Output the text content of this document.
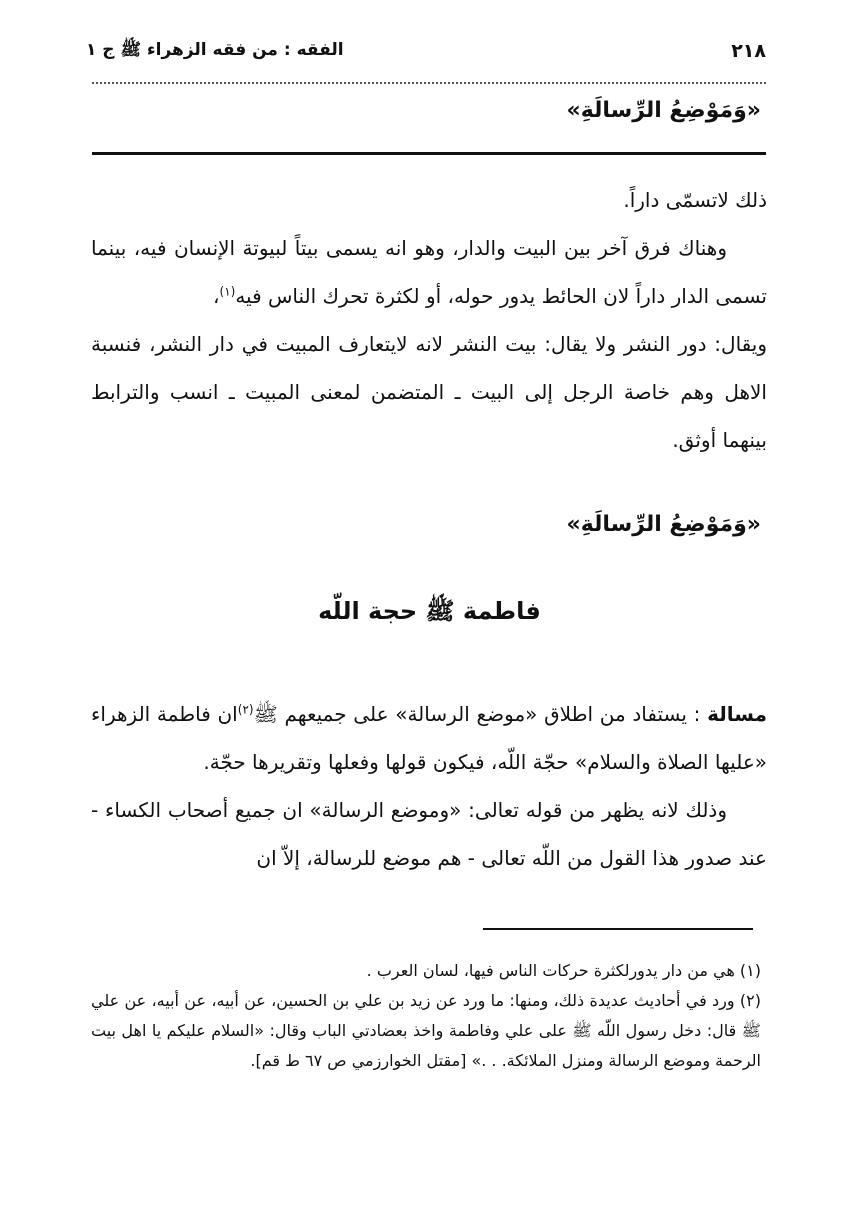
٢١٨
الفقه : من فقه الزهراء ﷺ ج ١
«وَمَوْضِعُ الرِّسالَةِ»

ذلك لاتسمّى داراً.

وهناك فرق آخر بين البيت والدار، وهو انه يسمى بيتاً لبيوتة الإنسان فيه، بينما تسمى الدار داراً لان الحائط يدور حوله، أو لكثرة تحرك الناس فيه$^{(١)}$،

ويقال: دور النشر ولا يقال: بيت النشر لانه لايتعارف المبيت في دار النشر، فنسبة الاهل وهم خاصة الرجل إلى البيت ـ المتضمن لمعنى المبيت ـ انسب والترابط بينهما أوثق.

«وَمَوْضِعُ الرِّسالَةِ»
فاطمة ﷺ حجة اللّه

مسالة : يستفاد من اطلاق «موضع الرسالة» على جميعهم ﷺ$^{(٢)}$ان فاطمة الزهراء «عليها الصلاة والسلام» حجّة اللّه، فيكون قولها وفعلها وتقريرها حجّة.

وذلك لانه يظهر من قوله تعالى: «وموضع الرسالة» ان جميع أصحاب الكساء - عند صدور هذا القول من اللّه تعالى - هم موضع للرسالة، إلاّ ان

(١) هي من دار يدورلكثرة حركات الناس فيها، لسان العرب .

(٢) ورد في أحاديث عديدة ذلك، ومنها: ما ورد عن زيد بن علي بن الحسين، عن أبيه، عن أبيه، عن علي ﷺ قال: دخل رسول اللّه ﷺ على علي وفاطمة واخذ بعضادتي الباب وقال: «السلام عليكم يا اهل بيت الرحمة وموضع الرسالة ومنزل الملائكة. . .» [مقتل الخوارزمي ص ٦٧ ط قم].
